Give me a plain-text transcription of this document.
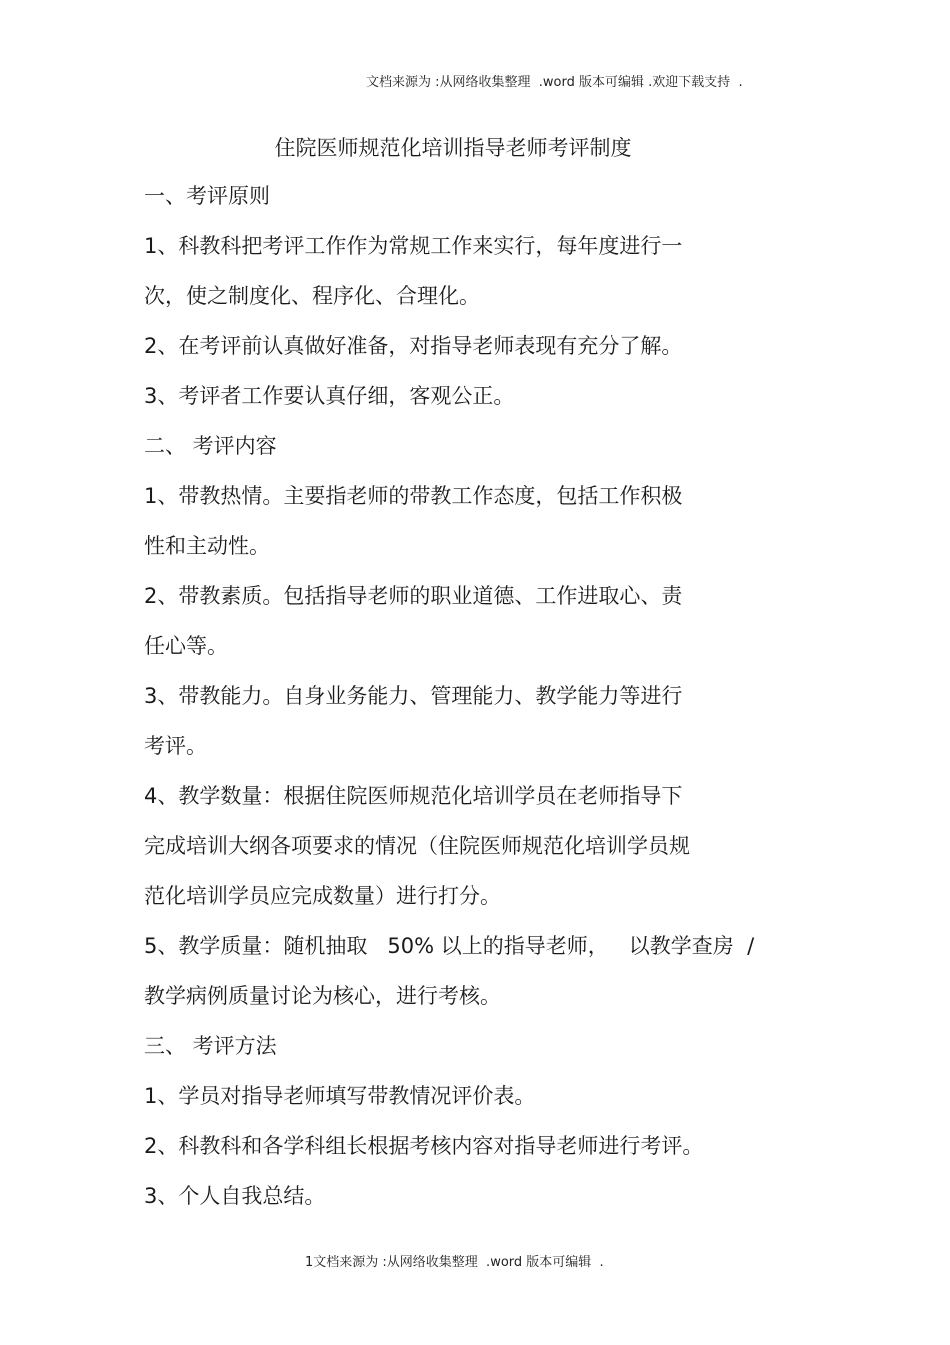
文档来源为 :从网络收集整理  .word 版本可编辑 .欢迎下载支持  .
住院医师规范化培训指导老师考评制度
一、考评原则
1、科教科把考评工作作为常规工作来实行，每年度进行一
次，使之制度化、程序化、合理化。
2、在考评前认真做好准备，对指导老师表现有充分了解。
3、考评者工作要认真仔细，客观公正。
二、 考评内容
1、带教热情。主要指老师的带教工作态度，包括工作积极
性和主动性。
2、带教素质。包括指导老师的职业道德、工作进取心、责
任心等。
3、带教能力。自身业务能力、管理能力、教学能力等进行
考评。
4、教学数量：根据住院医师规范化培训学员在老师指导下
完成培训大纲各项要求的情况（住院医师规范化培训学员规
范化培训学员应完成数量）进行打分。
5、教学质量：随机抽取   50% 以上的指导老师，   以教学查房  /
教学病例质量讨论为核心，进行考核。
三、 考评方法
1、学员对指导老师填写带教情况评价表。
2、科教科和各学科组长根据考核内容对指导老师进行考评。
3、个人自我总结。
1文档来源为 :从网络收集整理  .word 版本可编辑  .
